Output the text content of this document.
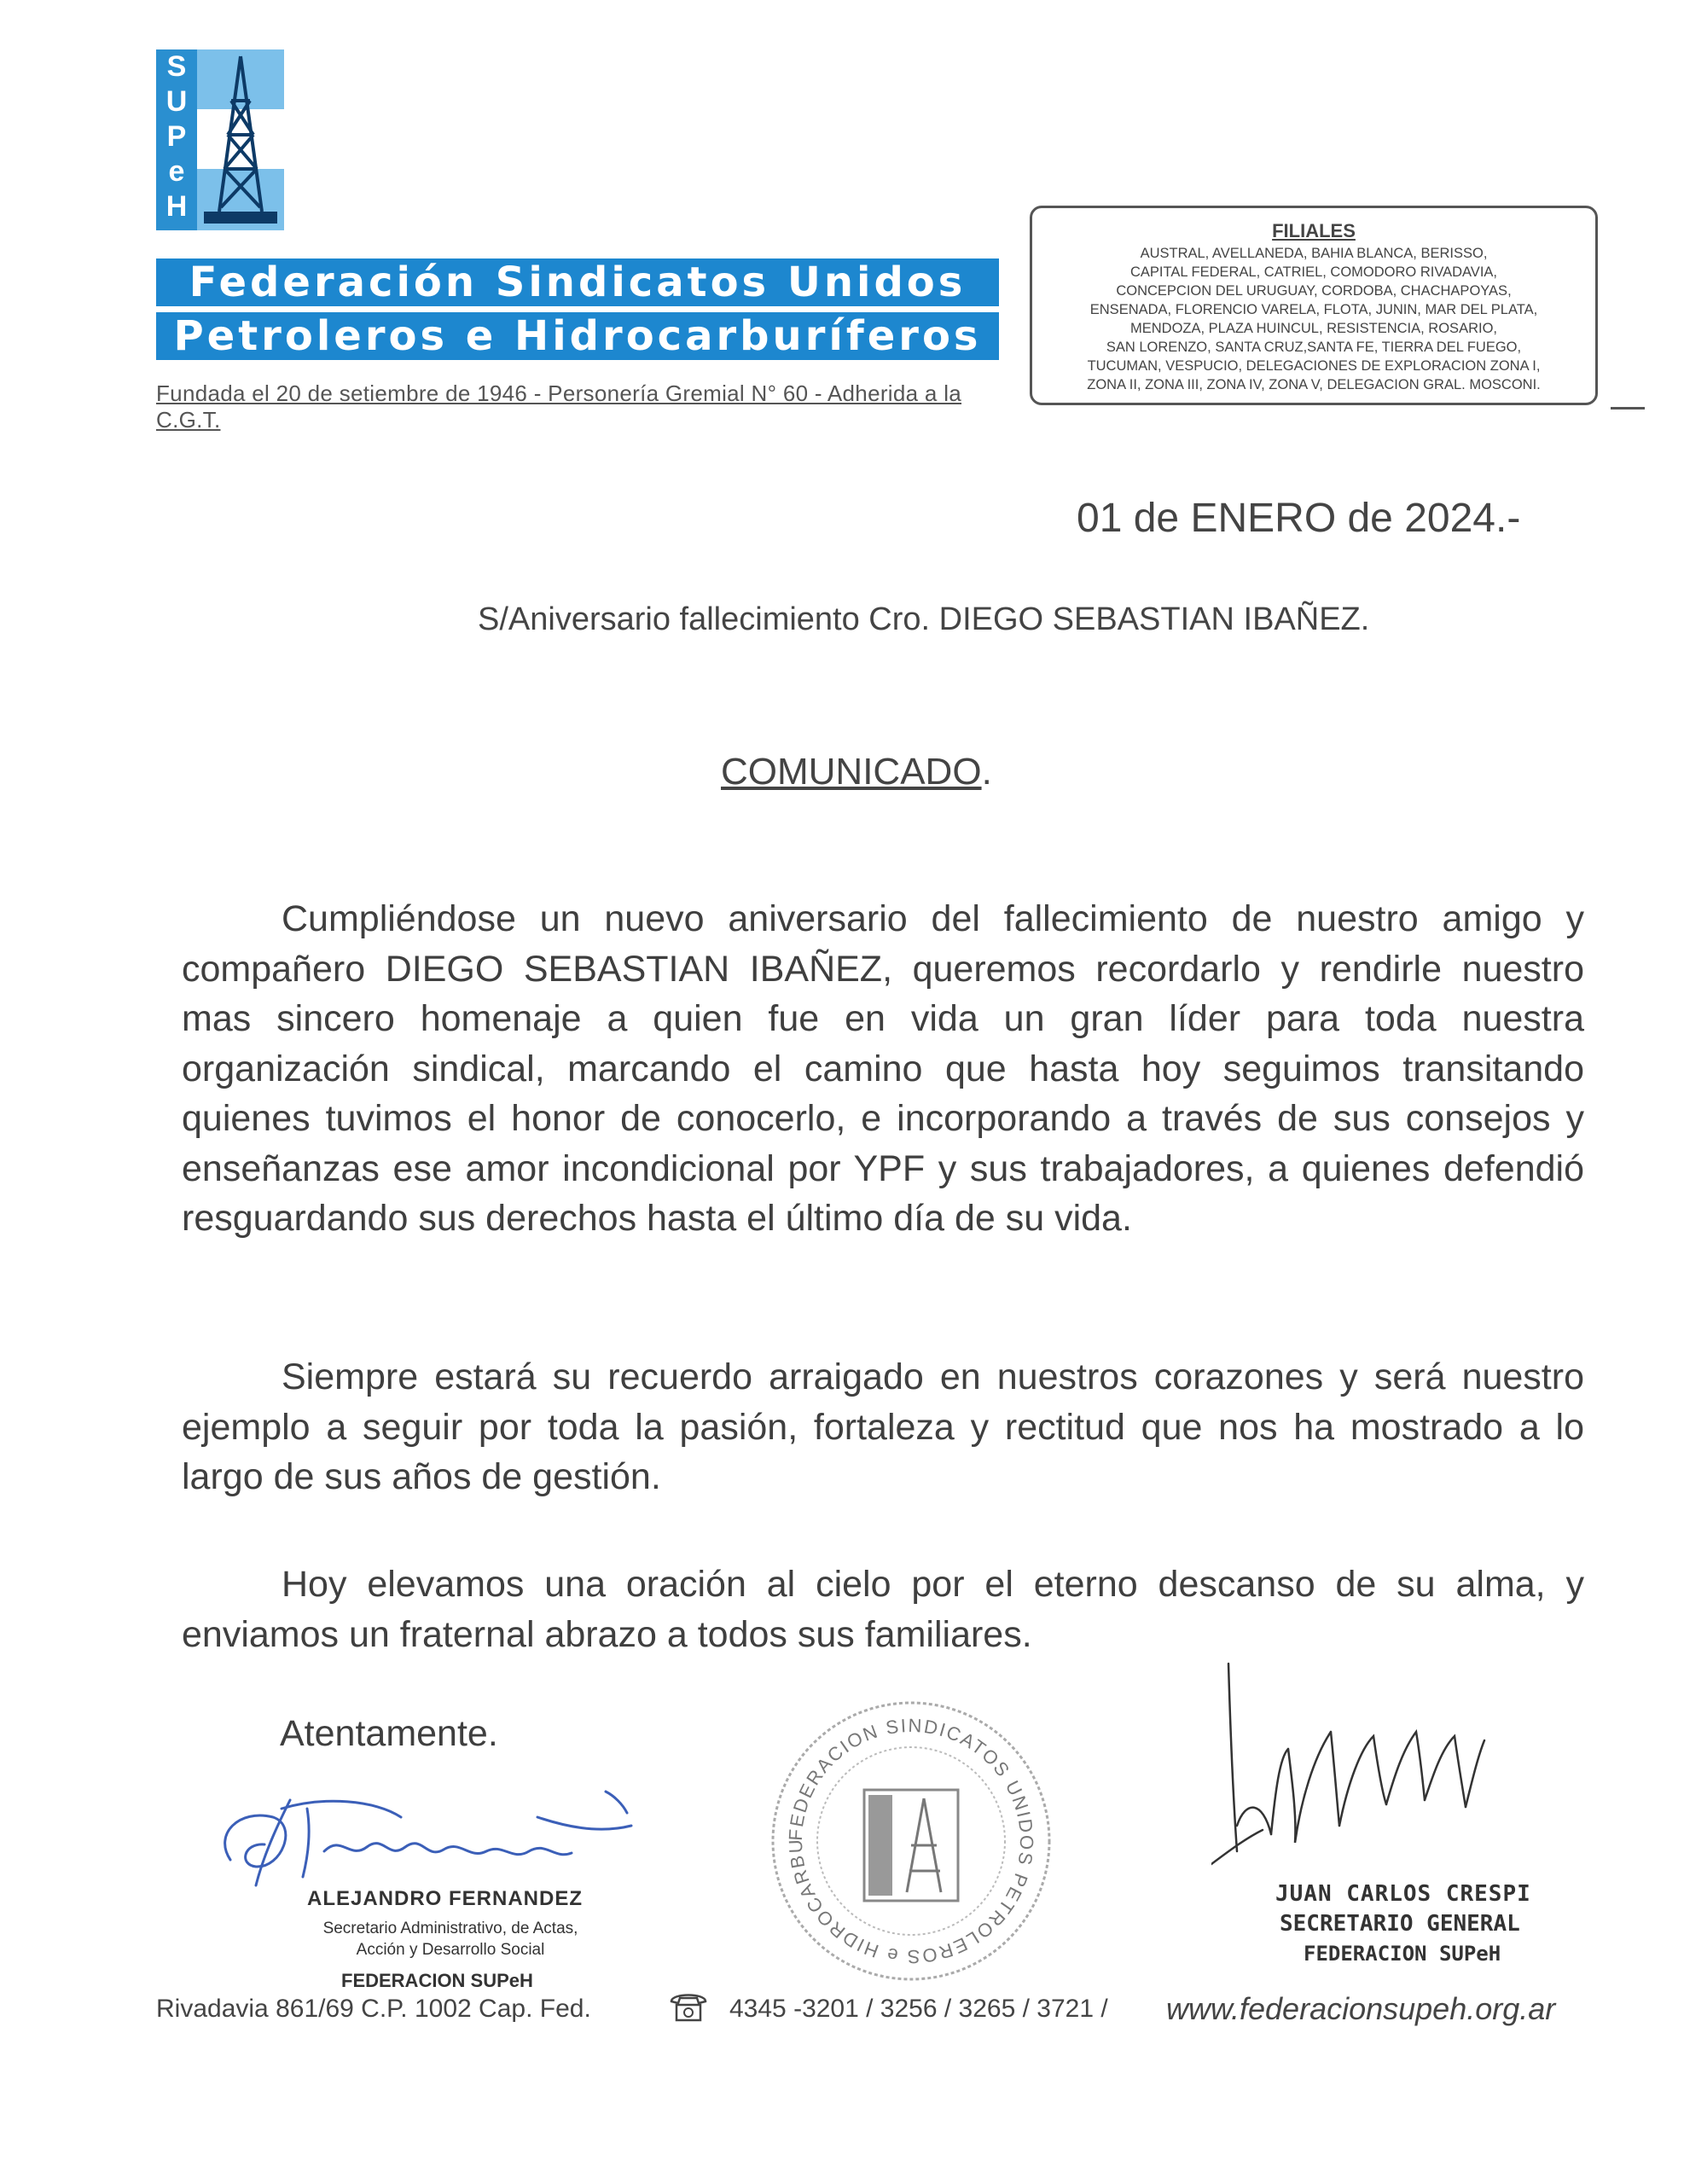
S
U
P
e
H
Federación Sindicatos Unidos
Petroleros e Hidrocarburíferos
Fundada el 20 de setiembre de 1946 - Personería Gremial N° 60 - Adherida a la C.G.T.
FILIALES
AUSTRAL, AVELLANEDA, BAHIA BLANCA, BERISSO,
CAPITAL FEDERAL, CATRIEL, COMODORO RIVADAVIA,
CONCEPCION DEL URUGUAY, CORDOBA, CHACHAPOYAS,
ENSENADA, FLORENCIO VARELA, FLOTA, JUNIN, MAR DEL PLATA,
MENDOZA, PLAZA HUINCUL, RESISTENCIA, ROSARIO,
SAN LORENZO, SANTA CRUZ,SANTA FE, TIERRA DEL FUEGO,
TUCUMAN, VESPUCIO, DELEGACIONES DE EXPLORACION ZONA I,
ZONA II, ZONA III, ZONA IV, ZONA V, DELEGACION GRAL. MOSCONI.
01 de ENERO de 2024.-
S/Aniversario fallecimiento Cro. DIEGO SEBASTIAN IBAÑEZ.
COMUNICADO.
Cumpliéndose un nuevo aniversario del fallecimiento de nuestro amigo y compañero DIEGO SEBASTIAN IBAÑEZ, queremos recordarlo y rendirle nuestro mas sincero homenaje a quien fue en vida un gran líder para toda nuestra organización sindical, marcando el camino que hasta hoy seguimos transitando quienes tuvimos el honor de conocerlo, e incorporando a través de sus consejos y enseñanzas ese amor incondicional por YPF y sus trabajadores, a quienes defendió resguardando sus derechos hasta el último día de su vida.
Siempre estará su recuerdo arraigado en nuestros corazones y será nuestro ejemplo a seguir por toda la pasión, fortaleza y rectitud que nos ha mostrado a lo largo de sus años de gestión.
Hoy elevamos una oración al cielo por el eterno descanso de su alma, y enviamos un fraternal abrazo a todos sus familiares.
Atentamente.
ALEJANDRO FERNANDEZ
Secretario Administrativo, de Actas,
Acción y Desarrollo Social
FEDERACION SUPeH
FEDERACION SINDICATOS UNIDOS PETROLEROS e HIDROCARBU
JUAN CARLOS CRESPI
SECRETARIO GENERAL
FEDERACION SUPeH
Rivadavia 861/69 C.P. 1002 Cap. Fed.	4345 -3201 / 3256 / 3265 / 3721 / www.federacionsupeh.org.ar
